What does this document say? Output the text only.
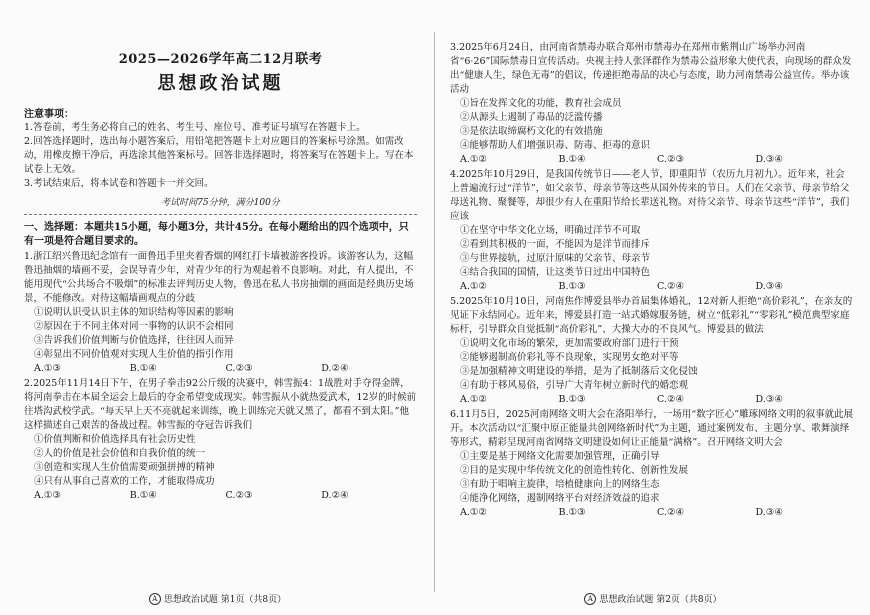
2025—2026学年高二12月联考
思想政治试题
注意事项：
1.答卷前，考生务必将自己的姓名、考生号、座位号、准考证号填写在答题卡上。
2.回答选择题时，选出每小题答案后，用铅笔把答题卡上对应题目的答案标号涂黑。如需改动，用橡皮擦干净后，再选涂其他答案标号。回答非选择题时，将答案写在答题卡上。写在本试卷上无效。
3.考试结束后，将本试卷和答题卡一并交回。
考试时间75分钟，满分100分
一、选择题：本题共15小题，每小题3分，共计45分。在每小题给出的四个选项中，只有一项是符合题目要求的。
1.浙江绍兴鲁迅纪念馆有一面鲁迅手里夹着香烟的网红打卡墙被游客投诉。该游客认为，这幅鲁迅抽烟的墙画不妥，会误导青少年，对青少年的行为观起着不良影响。对此，有人提出，不能用现代“公共场合不吸烟”的标准去评判历史人物，鲁迅在私人书房抽烟的画面是经典历史场景，不能修改。对待这幅墙画观点的分歧
①说明认识受认识主体的知识结构等因素的影响
②原因在于不同主体对同一事物的认识不会相同
③告诉我们价值判断与价值选择，往往因人而异
④彰显出不同价值观对实现人生价值的指引作用
A.①③	B.①④	C.②③	D.②④
2.2025年11月14日下午，在男子拳击92公斤级的决赛中，韩雪振4：1战胜对手夺得金牌，将河南拳击在本届全运会上最后的夺金希望变成现实。韩雪振从小就热爱武术，12岁的时候前往塔沟武校学武。“每天早上天不亮就起来训练，晚上训练完天就又黑了，都看不到太阳。”他这样描述自己艰苦的备战过程。韩雪振的夺冠告诉我们
①价值判断和价值选择具有社会历史性
②人的价值是社会价值和自我价值的统一
③创造和实现人生价值需要顽强拼搏的精神
④只有从事自己喜欢的工作，才能取得成功
A.①③	B.①④	C.②③	D.②④
A 思想政治试题 第1页（共8页）
3.2025年6月24日，由河南省禁毒办联合郑州市禁毒办在郑州市紫荆山广场举办河南省“6·26”国际禁毒日宣传活动。央视主持人张泽群作为禁毒公益形象大使代表，向现场的群众发出“健康人生，绿色无毒”的倡议，传递拒绝毒品的决心与态度，助力河南禁毒公益宣传。举办该活动
①旨在发挥文化的功能，教育社会成员
②从源头上遏制了毒品的泛滥传播
③是依法取缔腐朽文化的有效措施
④能够帮助人们增强识毒、防毒、拒毒的意识
A.①②	B.①④	C.②③	D.③④
4.2025年10月29日，是我国传统节日——老人节，即重阳节（农历九月初九）。近年来，社会上普遍流行过“洋节”，如父亲节、母亲节等这些从国外传来的节日。人们在父亲节、母亲节给父母送礼物、聚餐等，却很少有人在重阳节给长辈送礼物。对待父亲节、母亲节这些“洋节”，我们应该
①在坚守中华文化立场，明确过洋节不可取
②看到其积极的一面，不能因为是洋节而排斥
③与世界接轨，过原汁原味的父亲节、母亲节
④结合我国的国情，让这类节日过出中国特色
A.①②	B.①③	C.②④	D.③④
5.2025年10月10日，河南焦作博爱县举办首届集体婚礼，12对新人拒绝“高价彩礼”，在亲友的见证下永结同心。近年来，博爱县打造一站式婚嫁服务链，树立“低彩礼”“零彩礼”模范典型家庭标杆，引导群众自觉抵制“高价彩礼”、大操大办的不良风气。博爱县的做法
①说明文化市场的繁荣，更加需要政府部门进行干预
②能够遏制高价彩礼等不良现象，实现男女绝对平等
③是加强精神文明建设的举措，是为了抵制落后文化侵蚀
④有助于移风易俗，引导广大青年树立新时代的婚恋观
A.①②	B.①③	C.②④	D.③④
6.11月5日，2025河南网络文明大会在洛阳举行，一场用“数字匠心”雕琢网络文明的叙事就此展开。本次活动以“汇聚中原正能量共创网络新时代”为主题，通过案例发布、主题分享、歌舞演绎等形式，精彩呈现河南省网络文明建设如何让正能量“满格”。召开网络文明大会
①主要是基于网络文化需要加强管理，正确引导
②目的是实现中华传统文化的创造性转化、创新性发展
③有助于唱响主旋律，培植健康向上的网络生态
④能净化网络，遏制网络平台对经济效益的追求
A.①②	B.①③	C.②④	D.③④
A 思想政治试题 第2页（共8页）
